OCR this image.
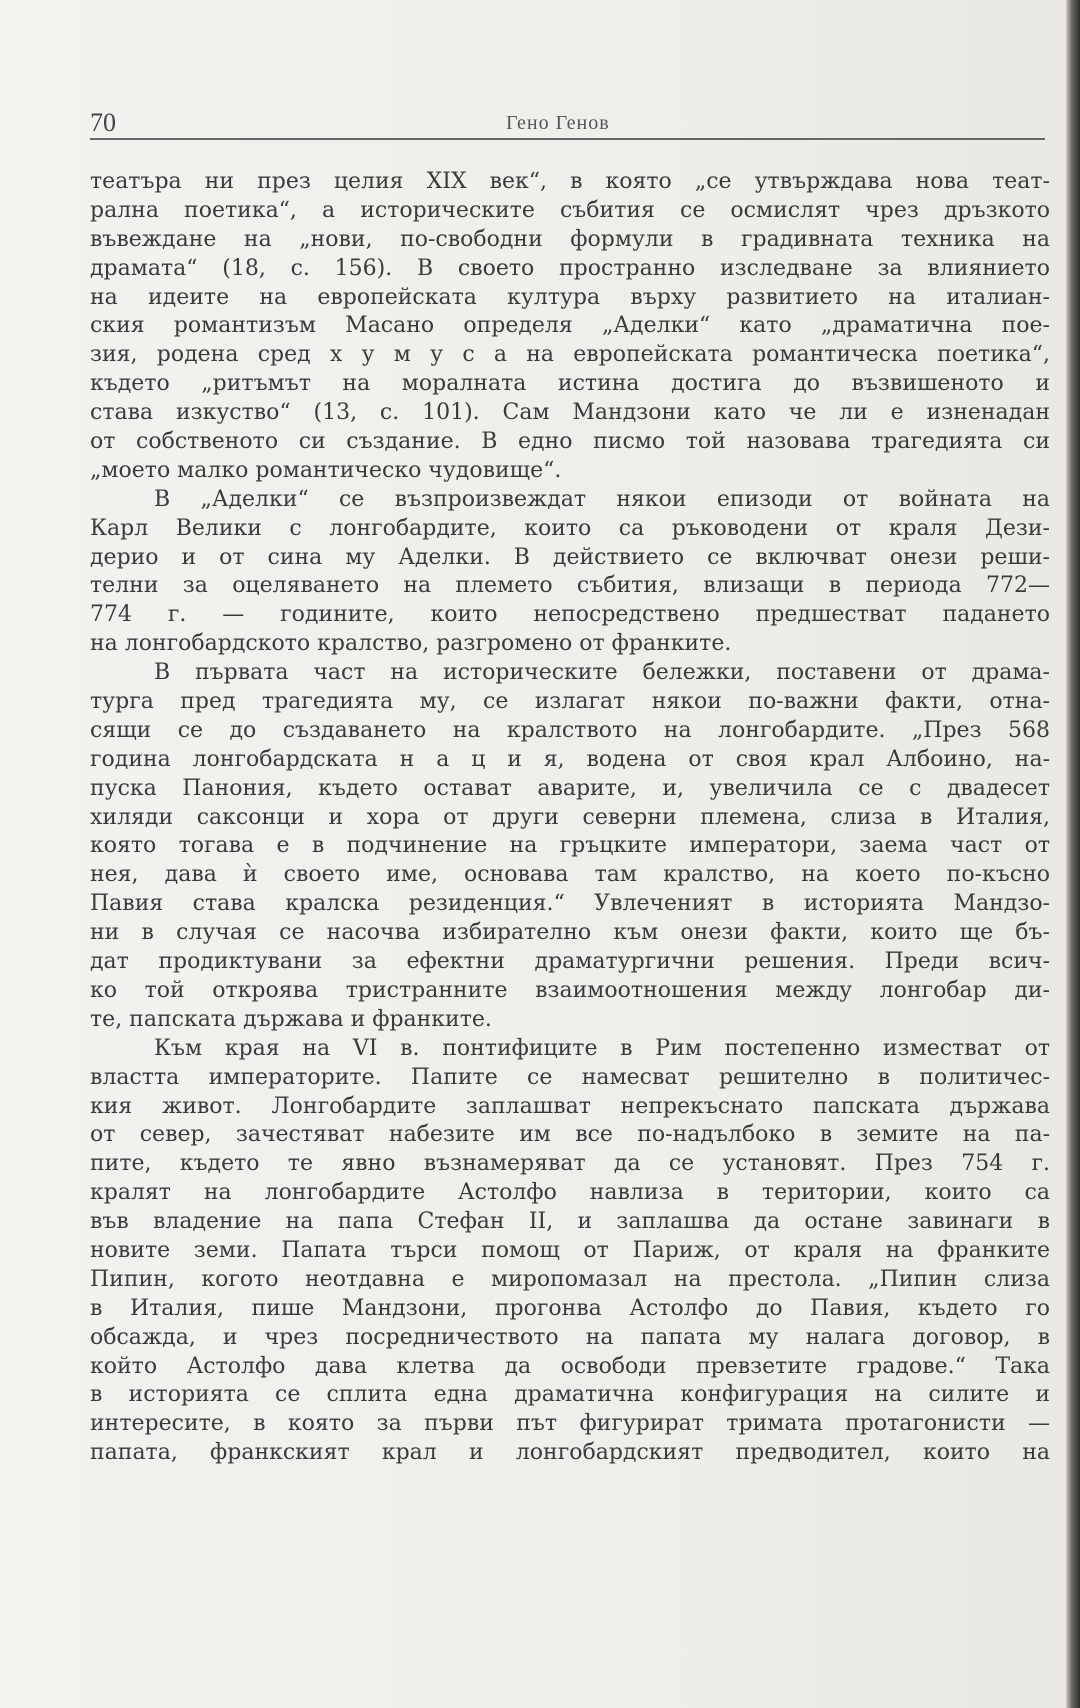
70	Гено Генов
театъра ни през целия XIX век“, в която „се утвърждава нова теат-
рална поетика“, а историческите събития се осмислят чрез дръзкото
въвеждане на „нови, по-свободни формули в градивната техника на
драмата“ (18, с. 156). В своето пространно изследване за влиянието
на идеите на европейската култура върху развитието на италиан-
ския романтизъм Масано определя „Аделки“ като „драматична пое-
зия, родена сред х у м у с а на европейската романтическа поетика“,
където „ритъмът на моралната истина достига до възвишеното и
става изкуство“ (13, с. 101). Сам Мандзони като че ли е изненадан
от собственото си създание. В едно писмо той назовава трагедията си
„моето малко романтическо чудовище“.
В „Аделки“ се възпроизвеждат някои епизоди от войната на
Карл Велики с лонгобардите, които са ръководени от краля Дези-
дерио и от сина му Аделки. В действието се включват онези реши-
телни за оцеляването на племето събития, влизащи в периода 772—
774 г. — годините, които непосредствено предшестват падането
на лонгобардското кралство, разгромено от франките.
В първата част на историческите бележки, поставени от драма-
турга пред трагедията му, се излагат някои по-важни факти, отна-
сящи се до създаването на кралството на лонгобардите. „През 568
година лонгобардската н а ц и я, водена от своя крал Албоино, на-
пуска Панония, където остават аварите, и, увеличила се с двадесет
хиляди саксонци и хора от други северни племена, слиза в Италия,
която тогава е в подчинение на гръцките императори, заема част от
нея, дава ѝ своето име, основава там кралство, на което по-късно
Павия става кралска резиденция.“ Увлеченият в историята Мандзо-
ни в случая се насочва избирателно към онези факти, които ще бъ-
дат продиктувани за ефектни драматургични решения. Преди всич-
ко той откроява тристранните взаимоотношения между лонгобар ди-
те, папската държава и франките.
Към края на VI в. понтифиците в Рим постепенно изместват от
властта императорите. Папите се намесват решително в политичес-
кия живот. Лонгобардите заплашват непрекъснато папската държава
от север, зачестяват набезите им все по-надълбоко в земите на па-
пите, където те явно възнамеряват да се установят. През 754 г.
кралят на лонгобардите Астолфо навлиза в територии, които са
във владение на папа Стефан II, и заплашва да остане завинаги в
новите земи. Папата търси помощ от Париж, от краля на франките
Пипин, когото неотдавна е миропомазал на престола. „Пипин слиза
в Италия, пише Мандзони, прогонва Астолфо до Павия, където го
обсажда, и чрез посредничеството на папата му налага договор, в
който Астолфо дава клетва да освободи превзетите градове.“ Така
в историята се сплита една драматична конфигурация на силите и
интересите, в която за първи път фигурират тримата протагонисти —
папата, франкският крал и лонгобардският предводител, които на
